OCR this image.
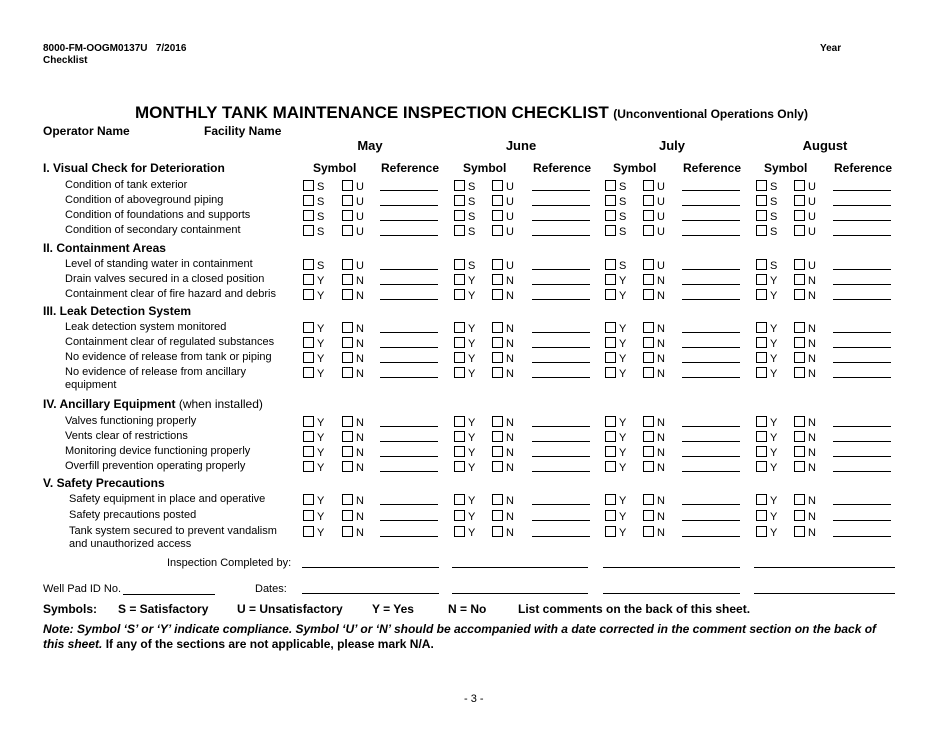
8000-FM-OOGM0137U 7/2016
Checklist
Year
MONTHLY TANK MAINTENANCE INSPECTION CHECKLIST (Unconventional Operations Only)
Operator Name	Facility Name
May	June	July	August
I. Visual Check for Deterioration	Symbol Reference Symbol Reference Symbol Reference Symbol Reference
Condition of tank exterior	S	U	S	U	S	U	S	U
Condition of aboveground piping	S	U	S	U	S	U	S	U
Condition of foundations and supports	S	U	S	U	S	U	S	U
Condition of secondary containment	S	U	S	U	S	U	S	U
II. Containment Areas
Level of standing water in containment	S	U	S	U	S	U	S	U
Drain valves secured in a closed position	Y	N	Y	N	Y	N	Y	N
Containment clear of fire hazard and debris	Y	N	Y	N	Y	N	Y	N
III. Leak Detection System
Leak detection system monitored	Y	N	Y	N	Y	N	Y	N
Containment clear of regulated substances	Y	N	Y	N	Y	N	Y	N
No evidence of release from tank or piping	Y	N	Y	N	Y	N	Y	N
No evidence of release from ancillary
equipment
Y	N	Y	N	Y	N	Y	N
IV. Ancillary Equipment (when installed)
Valves functioning properly	Y	N	Y	N	Y	N	Y	N
Vents clear of restrictions	Y	N	Y	N	Y	N	Y	N
Monitoring device functioning properly	Y	N	Y	N	Y	N	Y	N
Overfill prevention operating properly	Y	N	Y	N	Y	N	Y	N
V. Safety Precautions
Safety equipment in place and operative	Y	N	Y	N	Y	N	Y	N
Safety precautions posted	Y	N	Y	N	Y	N	Y	N
Tank system secured to prevent vandalism
and unauthorized access
Y	N	Y	N	Y	N	Y	N
Inspection Completed by:
Well Pad ID No.	Dates:
Symbols: S = Satisfactory U = Unsatisfactory Y = Yes	N = No	List comments on the back of this sheet.
Note: Symbol ‘S’ or ‘Y’ indicate compliance. Symbol ‘U’ or ‘N’ should be accompanied with a date corrected in the comment section on the back of
this sheet. If any of the sections are not applicable, please mark N/A.
- 3 -
